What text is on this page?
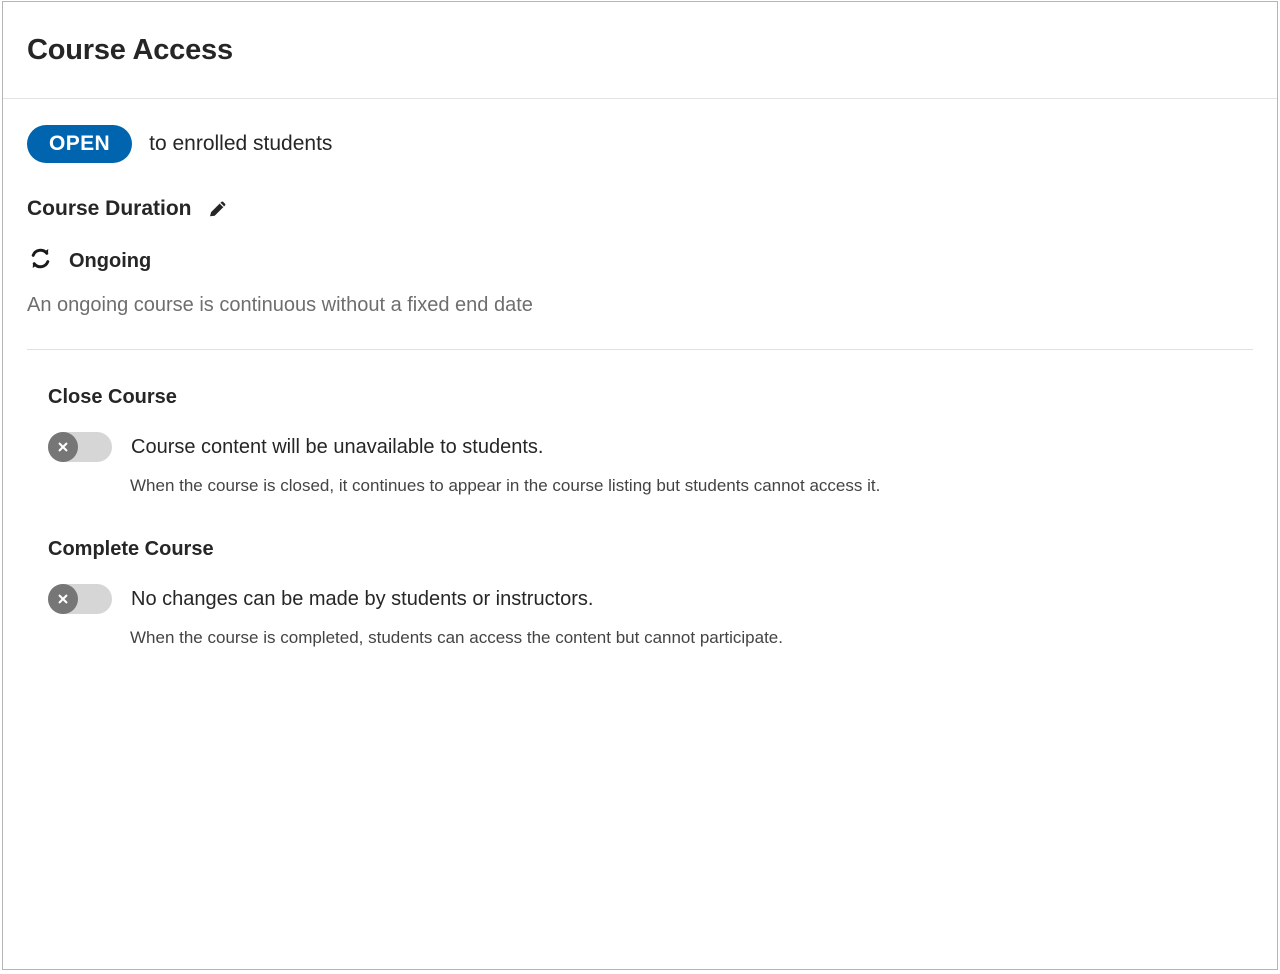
Course Access
OPEN	to enrolled students
Course Duration
Ongoing

An ongoing course is continuous without a fixed end date

Close Course
Course content will be unavailable to students.

When the course is closed, it continues to appear in the course listing but students cannot access it.

Complete Course
No changes can be made by students or instructors.

When the course is completed, students can access the content but cannot participate.
